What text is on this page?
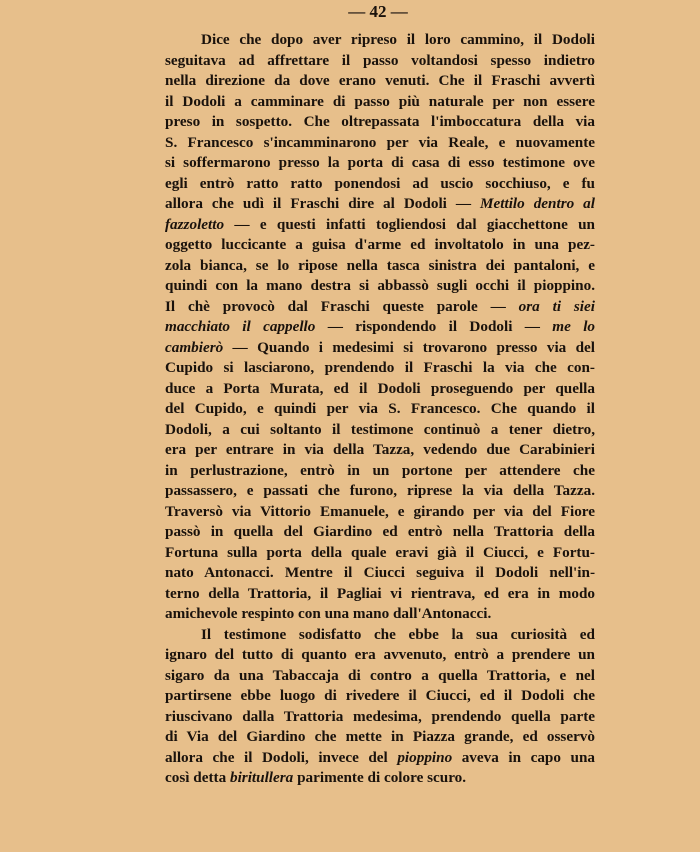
— 42 —
Dice che dopo aver ripreso il loro cammino, il Dodoli
seguitava ad affrettare il passo voltandosi spesso indietro
nella direzione da dove erano venuti. Che il Fraschi avvertì
il Dodoli a camminare di passo più naturale per non essere
preso in sospetto. Che oltrepassata l'imboccatura della via
S. Francesco s'incamminarono per via Reale, e nuovamente
si soffermarono presso la porta di casa di esso testimone ove
egli entrò ratto ratto ponendosi ad uscio socchiuso, e fu
allora che udì il Fraschi dire al Dodoli — Mettilo dentro al
fazzoletto — e questi infatti togliendosi dal giacchettone un
oggetto luccicante a guisa d'arme ed involtatolo in una pez-
zola bianca, se lo ripose nella tasca sinistra dei pantaloni, e
quindi con la mano destra si abbassò sugli occhi il pioppino.
Il chè provocò dal Fraschi queste parole — ora ti siei
macchiato il cappello — rispondendo il Dodoli — me lo
cambierò — Quando i medesimi si trovarono presso via del
Cupido si lasciarono, prendendo il Fraschi la via che con-
duce a Porta Murata, ed il Dodoli proseguendo per quella
del Cupido, e quindi per via S. Francesco. Che quando il
Dodoli, a cui soltanto il testimone continuò a tener dietro,
era per entrare in via della Tazza, vedendo due Carabinieri
in perlustrazione, entrò in un portone per attendere che
passassero, e passati che furono, riprese la via della Tazza.
Traversò via Vittorio Emanuele, e girando per via del Fiore
passò in quella del Giardino ed entrò nella Trattoria della
Fortuna sulla porta della quale eravi già il Ciucci, e Fortu-
nato Antonacci. Mentre il Ciucci seguiva il Dodoli nell'in-
terno della Trattoria, il Pagliai vi rientrava, ed era in modo
amichevole respinto con una mano dall'Antonacci.
Il testimone sodisfatto che ebbe la sua curiosità ed
ignaro del tutto di quanto era avvenuto, entrò a prendere un
sigaro da una Tabaccaja di contro a quella Trattoria, e nel
partirsene ebbe luogo di rivedere il Ciucci, ed il Dodoli che
riuscivano dalla Trattoria medesima, prendendo quella parte
di Via del Giardino che mette in Piazza grande, ed osservò
allora che il Dodoli, invece del pioppino aveva in capo una
così detta biritullera parimente di colore scuro.
